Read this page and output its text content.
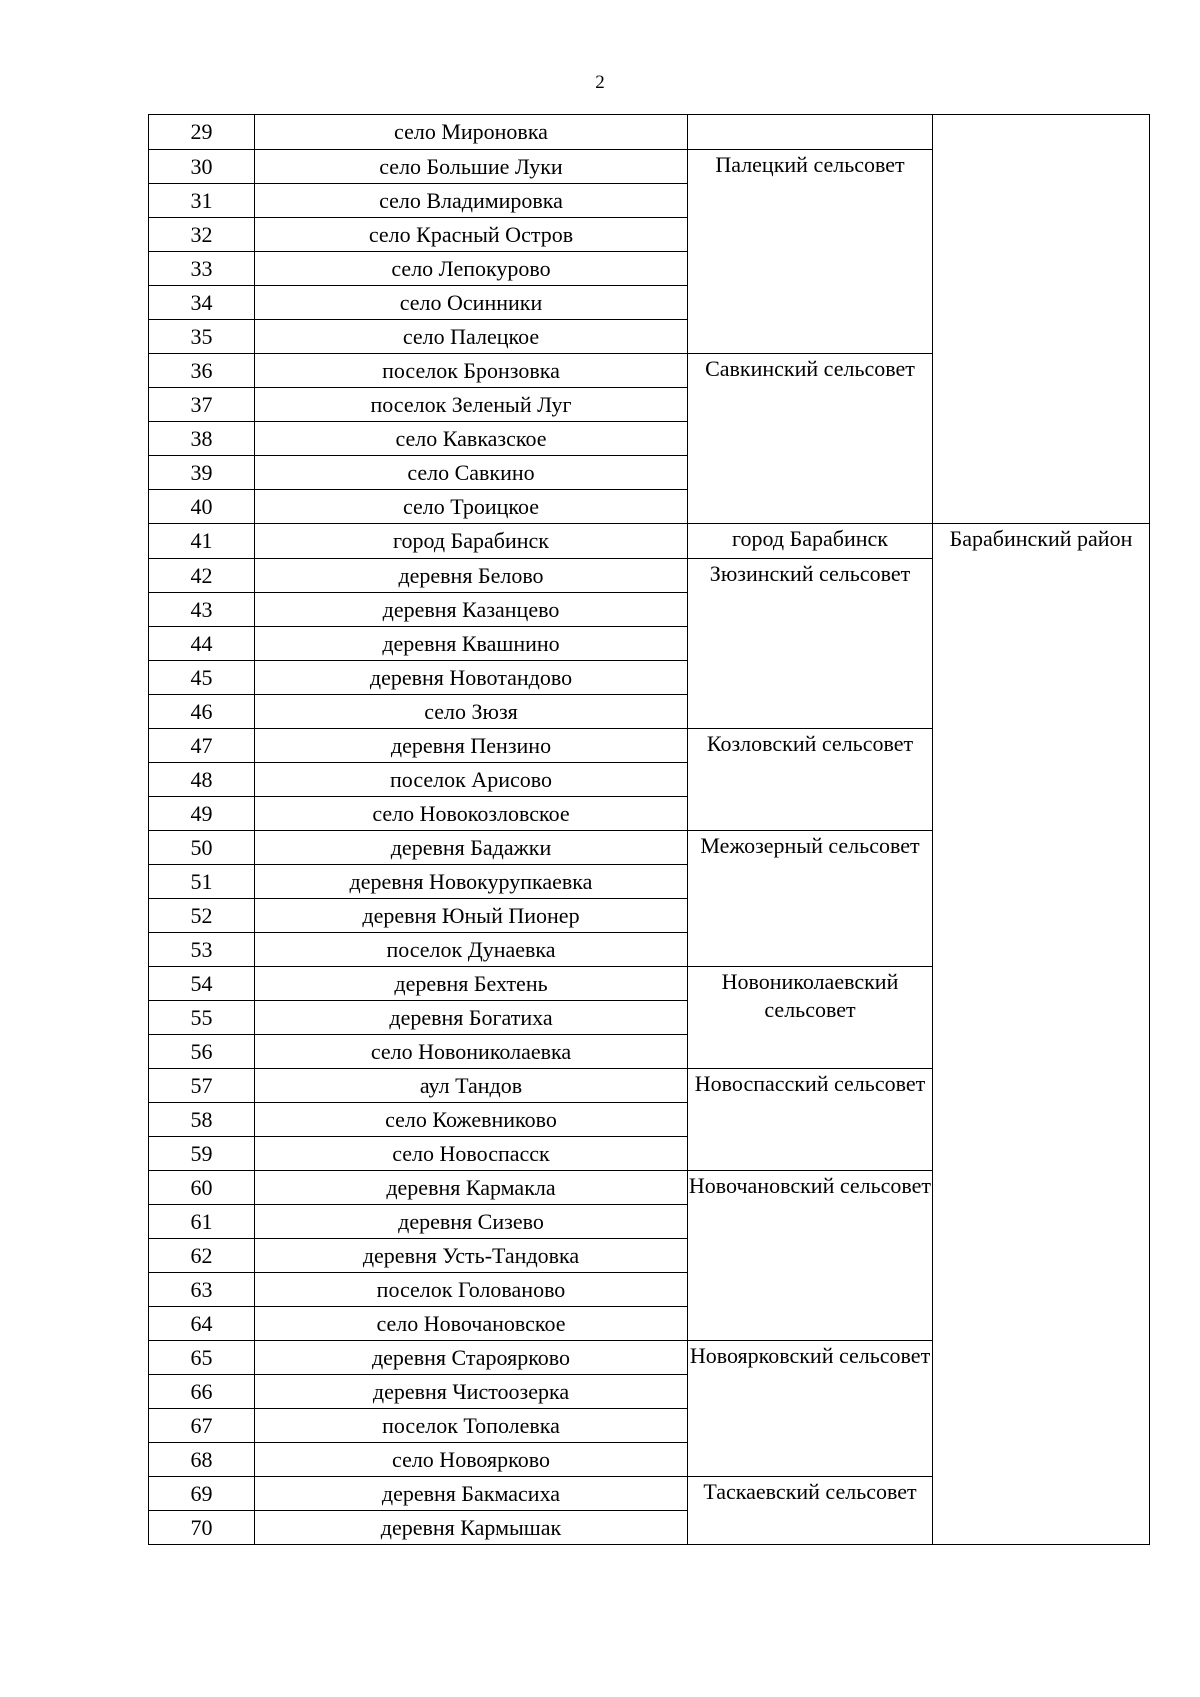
2
29	село Мироновка		
30	село Большие Луки	Палецкий сельсовет	
31	село Владимировка		
32	село Красный Остров		
33	село Лепокурово		
34	село Осинники		
35	село Палецкое		
36	поселок Бронзовка	Савкинский сельсовет	
37	поселок Зеленый Луг		
38	село Кавказское		
39	село Савкино		
40	село Троицкое		
41	город Барабинск	город Барабинск	Барабинский район
42	деревня Белово	Зюзинский сельсовет	
43	деревня Казанцево		
44	деревня Квашнино		
45	деревня Новотандово		
46	село Зюзя		
47	деревня Пензино	Козловский сельсовет	
48	поселок Арисово		
49	село Новокозловское		
50	деревня Бадажки	Межозерный сельсовет	
51	деревня Новокурупкаевка		
52	деревня Юный Пионер		
53	поселок Дунаевка		
54	деревня Бехтень	Новониколаевский сельсовет	
55	деревня Богатиха		
56	село Новониколаевка		
57	аул Тандов	Новоспасский сельсовет	
58	село Кожевниково		
59	село Новоспасск		
60	деревня Кармакла	Новочановский сельсовет	
61	деревня Сизево		
62	деревня Усть-Тандовка		
63	поселок Голованово		
64	село Новочановское		
65	деревня Староярково	Новоярковский сельсовет	
66	деревня Чистоозерка		
67	поселок Тополевка		
68	село Новоярково		
69	деревня Бакмасиха	Таскаевский сельсовет	
70	деревня Кармышак		
